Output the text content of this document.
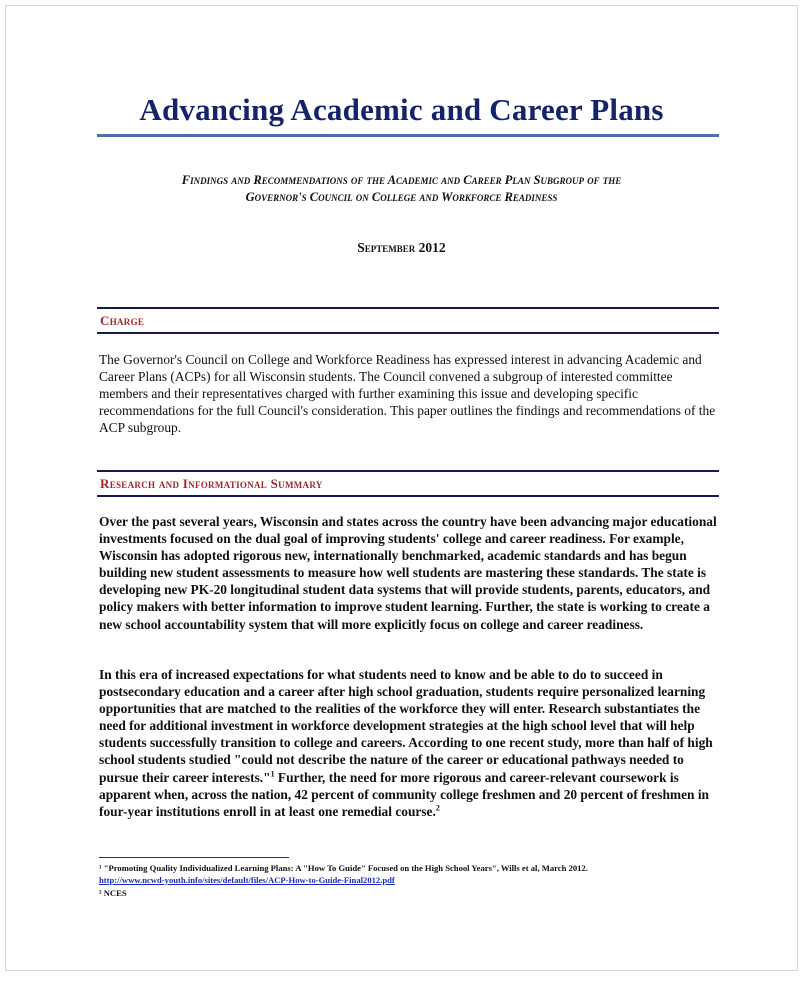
Advancing Academic and Career Plans
Findings and Recommendations of the Academic and Career Plan Subgroup of the
Governor's Council on College and Workforce Readiness
September 2012
Charge

The Governor's Council on College and Workforce Readiness has expressed interest in advancing Academic and Career Plans (ACPs) for all Wisconsin students. The Council convened a subgroup of interested committee members and their representatives charged with further examining this issue and developing specific recommendations for the full Council's consideration. This paper outlines the findings and recommendations of the ACP subgroup.

Research and Informational Summary

Over the past several years, Wisconsin and states across the country have been advancing major educational investments focused on the dual goal of improving students' college and career readiness. For example, Wisconsin has adopted rigorous new, internationally benchmarked, academic standards and has begun building new student assessments to measure how well students are mastering these standards. The state is developing new PK-20 longitudinal student data systems that will provide students, parents, educators, and policy makers with better information to improve student learning. Further, the state is working to create a new school accountability system that will more explicitly focus on college and career readiness.

In this era of increased expectations for what students need to know and be able to do to succeed in postsecondary education and a career after high school graduation, students require personalized learning opportunities that are matched to the realities of the workforce they will enter. Research substantiates the need for additional investment in workforce development strategies at the high school level that will help students successfully transition to college and careers. According to one recent study, more than half of high school students studied "could not describe the nature of the career or educational pathways needed to pursue their career interests."$^1$ Further, the need for more rigorous and career-relevant coursework is apparent when, across the nation, 42 percent of community college freshmen and 20 percent of freshmen in four-year institutions enroll in at least one remedial course.$^2$

¹ "Promoting Quality Individualized Learning Plans: A "How To Guide" Focused on the High School Years", Wills et al, March 2012.
http://www.ncwd-youth.info/sites/default/files/ACP-How-to-Guide-Final2012.pdf
² NCES
